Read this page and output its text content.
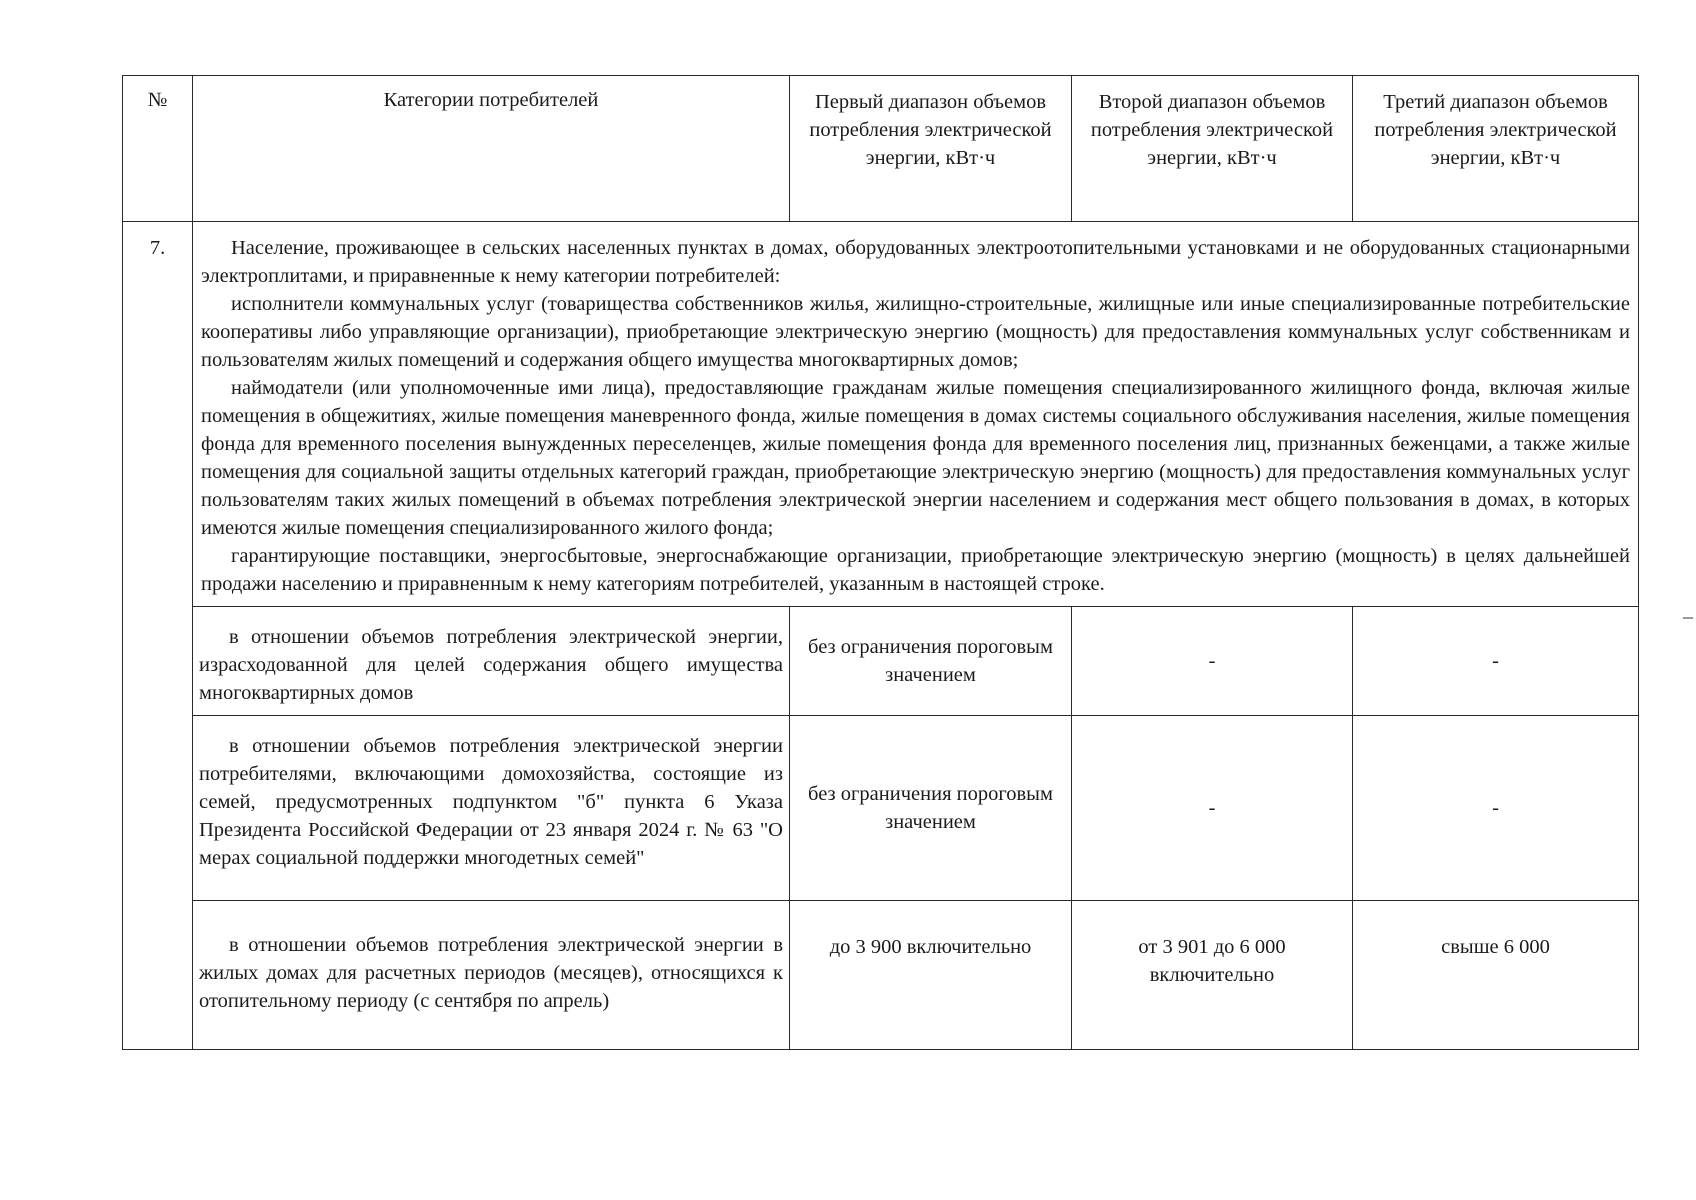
№	Категории потребителей	Первый диапазон объемов потребления электрической энергии, кВт·ч	Второй диапазон объемов потребления электрической энергии, кВт·ч	Третий диапазон объемов потребления электрической энергии, кВт·ч
7.	Население, проживающее в сельских населенных пунктах в домах, оборудованных электроотопительными установками и не оборудованных стационарными электроплитами, и приравненные к нему категории потребителей:

исполнители коммунальных услуг (товарищества собственников жилья, жилищно-строительные, жилищные или иные специализированные потребительские кооперативы либо управляющие организации), приобретающие электрическую энергию (мощность) для предоставления коммунальных услуг собственникам и пользователям жилых помещений и содержания общего имущества многоквартирных домов;

наймодатели (или уполномоченные ими лица), предоставляющие гражданам жилые помещения специализированного жилищного фонда, включая жилые помещения в общежитиях, жилые помещения маневренного фонда, жилые помещения в домах системы социального обслуживания населения, жилые помещения фонда для временного поселения вынужденных переселенцев, жилые помещения фонда для временного поселения лиц, признанных беженцами, а также жилые помещения для социальной защиты отдельных категорий граждан, приобретающие электрическую энергию (мощность) для предоставления коммунальных услуг пользователям таких жилых помещений в объемах потребления электрической энергии населением и содержания мест общего пользования в домах, в которых имеются жилые помещения специализированного жилого фонда;

гарантирующие поставщики, энергосбытовые, энергоснабжающие организации, приобретающие электрическую энергию (мощность) в целях дальнейшей продажи населению и приравненным к нему категориям потребителей, указанным в настоящей строке.			

	в отношении объемов потребления электрической энергии, израсходованной для целей содержания общего имущества многоквартирных домов	без ограничения пороговым значением	-	-

	в отношении объемов потребления электрической энергии потребителями, включающими домохозяйства, состоящие из семей, предусмотренных подпунктом "б" пункта 6 Указа Президента Российской Федерации от 23 января 2024 г. № 63 "О мерах социальной поддержки многодетных семей"	без ограничения пороговым значением	-	-

	в отношении объемов потребления электрической энергии в жилых домах для расчетных периодов (месяцев), относящихся к отопительному периоду (с сентября по апрель)	до 3 900 включительно	от 3 901 до 6 000 включительно	свыше 6 000
